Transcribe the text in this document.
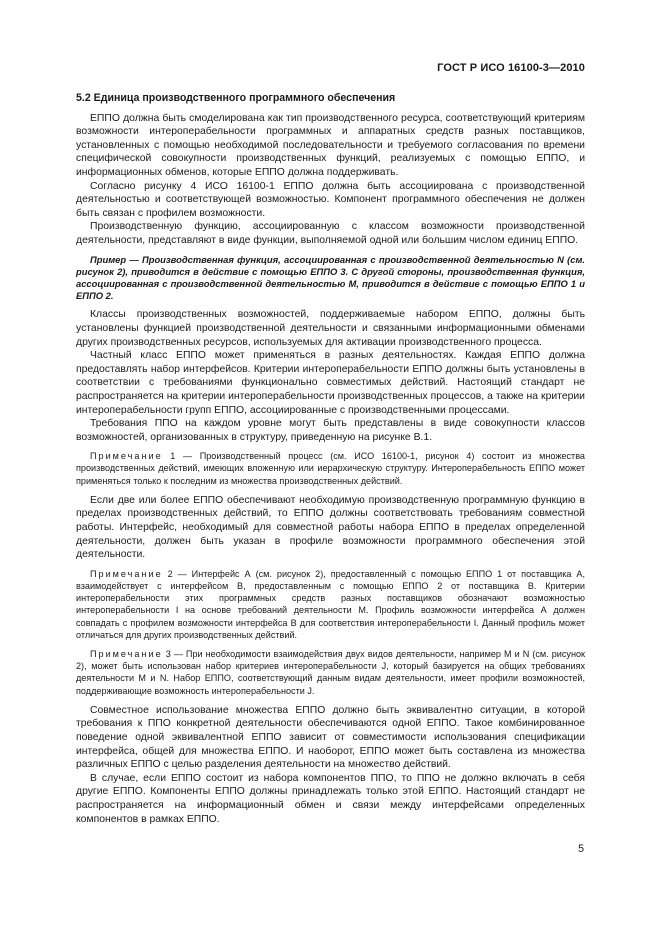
ГОСТ Р ИСО 16100-3—2010
5.2 Единица производственного программного обеспечения

ЕППО должна быть смоделирована как тип производственного ресурса, соответствующий критериям возможности интероперабельности программных и аппаратных средств разных поставщиков, установленных с помощью необходимой последовательности и требуемого согласования по времени специфической совокупности производственных функций, реализуемых с помощью ЕППО, и информационных обменов, которые ЕППО должна поддерживать.

Согласно рисунку 4 ИСО 16100-1 ЕППО должна быть ассоциирована с производственной деятельностью и соответствующей возможностью. Компонент программного обеспечения не должен быть связан с профилем возможности.

Производственную функцию, ассоциированную с классом возможности производственной деятельности, представляют в виде функции, выполняемой одной или большим числом единиц ЕППО.

Пример — Производственная функция, ассоциированная с производственной деятельностью N (см. рисунок 2), приводится в действие с помощью ЕППО 3. С другой стороны, производственная функция, ассоциированная с производственной деятельностью М, приводится в действие с помощью ЕППО 1 и ЕППО 2.

Классы производственных возможностей, поддерживаемые набором ЕППО, должны быть установлены функцией производственной деятельности и связанными информационными обменами других производственных ресурсов, используемых для активации производственного процесса.

Частный класс ЕППО может применяться в разных деятельностях. Каждая ЕППО должна предоставлять набор интерфейсов. Критерии интероперабельности ЕППО должны быть установлены в соответствии с требованиями функционально совместимых действий. Настоящий стандарт не распространяется на критерии интероперабельности производственных процессов, а также на критерии интероперабельности групп ЕППО, ассоциированные с производственными процессами.

Требования ППО на каждом уровне могут быть представлены в виде совокупности классов возможностей, организованных в структуру, приведенную на рисунке В.1.

Примечание 1 — Производственный процесс (см. ИСО 16100-1, рисунок 4) состоит из множества производственных действий, имеющих вложенную или иерархическую структуру. Интероперабельность ЕППО может применяться только к последним из множества производственных действий.

Если две или более ЕППО обеспечивают необходимую производственную программную функцию в пределах производственных действий, то ЕППО должны соответствовать требованиям совместной работы. Интерфейс, необходимый для совместной работы набора ЕППО в пределах определенной деятельности, должен быть указан в профиле возможности программного обеспечения этой деятельности.

Примечание 2 — Интерфейс А (см. рисунок 2), предоставленный с помощью ЕППО 1 от поставщика А, взаимодействует с интерфейсом В, предоставленным с помощью ЕППО 2 от поставщика В. Критерии интероперабельности этих программных средств разных поставщиков обозначают возможностью интероперабельности I на основе требований деятельности М. Профиль возможности интерфейса А должен совпадать с профилем возможности интерфейса В для соответствия интероперабельности I. Данный профиль может отличаться для других производственных действий.

Примечание 3 — При необходимости взаимодействия двух видов деятельности, например М и N (см. рисунок 2), может быть использован набор критериев интероперабельности J, который базируется на общих требованиях деятельности М и N. Набор ЕППО, соответствующий данным видам деятельности, имеет профили возможностей, поддерживающие возможность интероперабельности J.

Совместное использование множества ЕППО должно быть эквивалентно ситуации, в которой требования к ППО конкретной деятельности обеспечиваются одной ЕППО. Такое комбинированное поведение одной эквивалентной ЕППО зависит от совместимости использования спецификации интерфейса, общей для множества ЕППО. И наоборот, ЕППО может быть составлена из множества различных ЕППО с целью разделения деятельности на множество действий.

В случае, если ЕППО состоит из набора компонентов ППО, то ППО не должно включать в себя другие ЕППО. Компоненты ЕППО должны принадлежать только этой ЕППО. Настоящий стандарт не распространяется на информационный обмен и связи между интерфейсами определенных компонентов в рамках ЕППО.

5
